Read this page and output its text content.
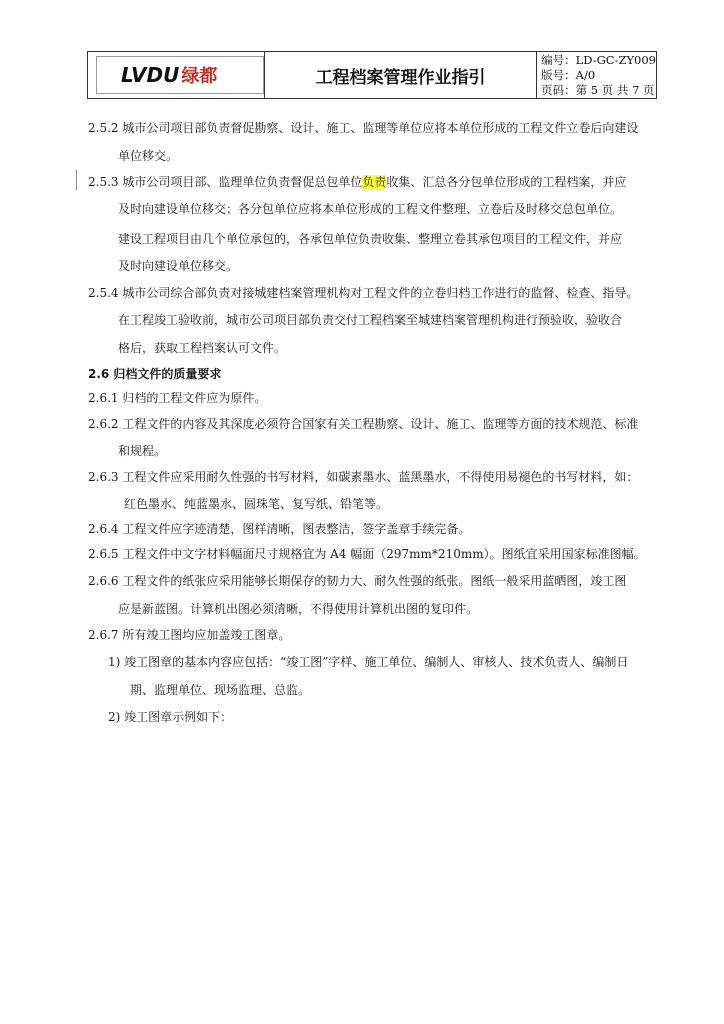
LVDU 绿都	工程档案管理作业指引
编号：LD-GC-ZY009
版号：A/0
页码：第 5 页 共 7 页
2.5.2 城市公司项目部负责督促勘察、设计、施工、监理等单位应将本单位形成的工程文件立卷后向建设
单位移交。
2.5.3 城市公司项目部、监理单位负责督促总包单位负责收集、汇总各分包单位形成的工程档案，并应
及时向建设单位移交；各分包单位应将本单位形成的工程文件整理、立卷后及时移交总包单位。
建设工程项目由几个单位承包的，各承包单位负责收集、整理立卷其承包项目的工程文件，并应
及时向建设单位移交。
2.5.4 城市公司综合部负责对接城建档案管理机构对工程文件的立卷归档工作进行的监督、检查、指导。
在工程竣工验收前，城市公司项目部负责交付工程档案至城建档案管理机构进行预验收，验收合
格后，获取工程档案认可文件。
2.6 归档文件的质量要求
2.6.1 归档的工程文件应为原件。
2.6.2 工程文件的内容及其深度必须符合国家有关工程勘察、设计、施工、监理等方面的技术规范、标准
和规程。
2.6.3 工程文件应采用耐久性强的书写材料，如碳素墨水、蓝黑墨水，不得使用易褪色的书写材料，如：
红色墨水、纯蓝墨水、圆珠笔、复写纸、铅笔等。
2.6.4 工程文件应字迹清楚，图样清晰，图表整洁，签字盖章手续完备。
2.6.5 工程文件中文字材料幅面尺寸规格宜为 A4 幅面（297mm*210mm）。图纸宜采用国家标准图幅。
2.6.6 工程文件的纸张应采用能够长期保存的韧力大、耐久性强的纸张。图纸一般采用蓝晒图，竣工图
应是新蓝图。计算机出图必须清晰，不得使用计算机出图的复印件。
2.6.7 所有竣工图均应加盖竣工图章。
1) 竣工图章的基本内容应包括：“竣工图”字样、施工单位、编制人、审核人、技术负责人、编制日
期、监理单位、现场监理、总监。
2) 竣工图章示例如下：
